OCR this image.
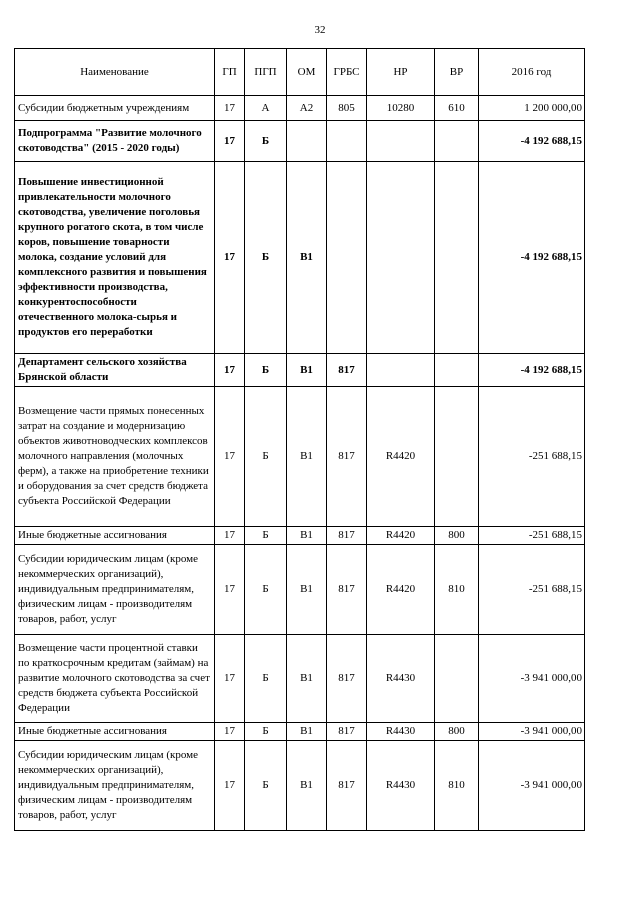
32
Наименование	ГП	ПГП	ОМ	ГРБС	НР	ВР	2016 год
Субсидии бюджетным учреждениям	17	А	А2	805	10280	610	1 200 000,00
Подпрограмма "Развитие молочного скотоводства" (2015 - 2020 годы)	17	Б					-4 192 688,15
Повышение инвестиционной привлекательности молочного скотоводства, увеличение поголовья крупного рогатого скота, в том числе коров, повышение товарности молока, создание условий для комплексного развития и повышения эффективности производства, конкурентоспособности отечественного молока-сырья и продуктов его переработки	17	Б	В1				-4 192 688,15
Департамент сельского хозяйства Брянской области	17	Б	В1	817			-4 192 688,15
Возмещение части прямых понесенных затрат на создание и модернизацию объектов животноводческих комплексов молочного направления (молочных ферм), а также на приобретение техники и оборудования за счет средств бюджета субъекта Российской Федерации	17	Б	В1	817	R4420		-251 688,15
Иные бюджетные ассигнования	17	Б	В1	817	R4420	800	-251 688,15
Субсидии юридическим лицам (кроме некоммерческих организаций), индивидуальным предпринимателям, физическим лицам - производителям товаров, работ, услуг	17	Б	В1	817	R4420	810	-251 688,15
Возмещение части процентной ставки по краткосрочным кредитам (займам) на развитие молочного скотоводства за счет средств бюджета субъекта Российской Федерации	17	Б	В1	817	R4430		-3 941 000,00
Иные бюджетные ассигнования	17	Б	В1	817	R4430	800	-3 941 000,00
Субсидии юридическим лицам (кроме некоммерческих организаций), индивидуальным предпринимателям, физическим лицам - производителям товаров, работ, услуг	17	Б	В1	817	R4430	810	-3 941 000,00
